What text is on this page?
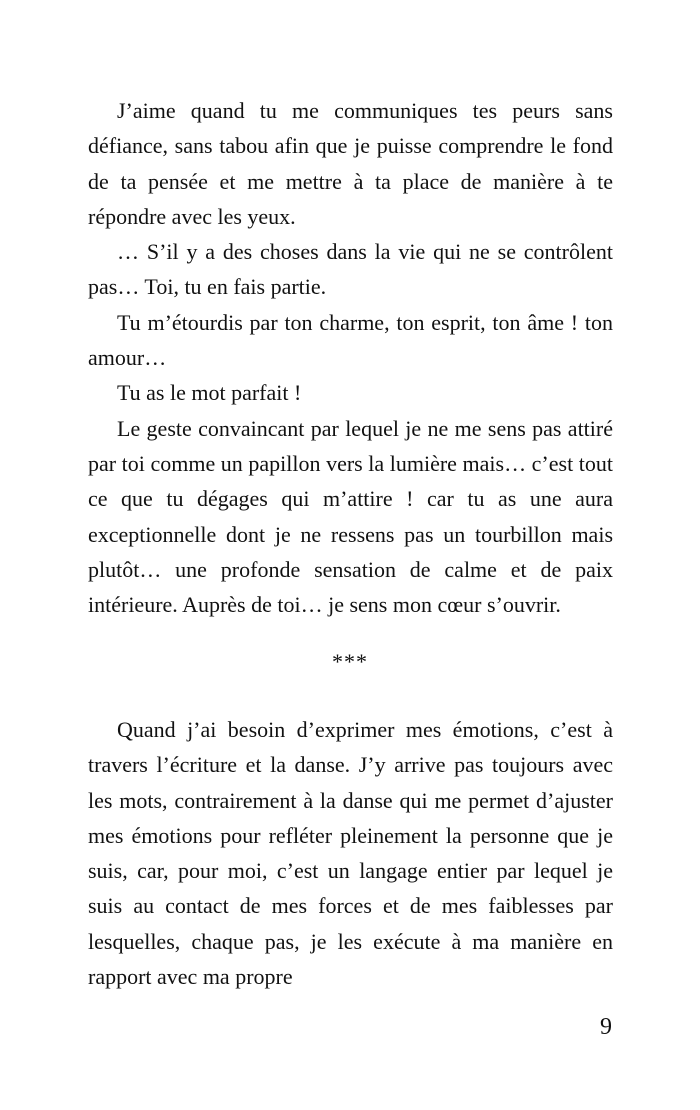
J’aime quand tu me communiques tes peurs sans défiance, sans tabou afin que je puisse comprendre le fond de ta pensée et me mettre à ta place de manière à te répondre avec les yeux.

… S’il y a des choses dans la vie qui ne se contrôlent pas… Toi, tu en fais partie.

Tu m’étourdis par ton charme, ton esprit, ton âme ! ton amour…

Tu as le mot parfait !

Le geste convaincant par lequel je ne me sens pas attiré par toi comme un papillon vers la lumière mais… c’est tout ce que tu dégages qui m’attire ! car tu as une aura exceptionnelle dont je ne ressens pas un tourbillon mais plutôt… une profonde sensation de calme et de paix intérieure. Auprès de toi… je sens mon cœur s’ouvrir.

***

Quand j’ai besoin d’exprimer mes émotions, c’est à travers l’écriture et la danse. J’y arrive pas toujours avec les mots, contrairement à la danse qui me permet d’ajuster mes émotions pour refléter pleinement la personne que je suis, car, pour moi, c’est un langage entier par lequel je suis au contact de mes forces et de mes faiblesses par lesquelles, chaque pas, je les exécute à ma manière en rapport avec ma propre

9
